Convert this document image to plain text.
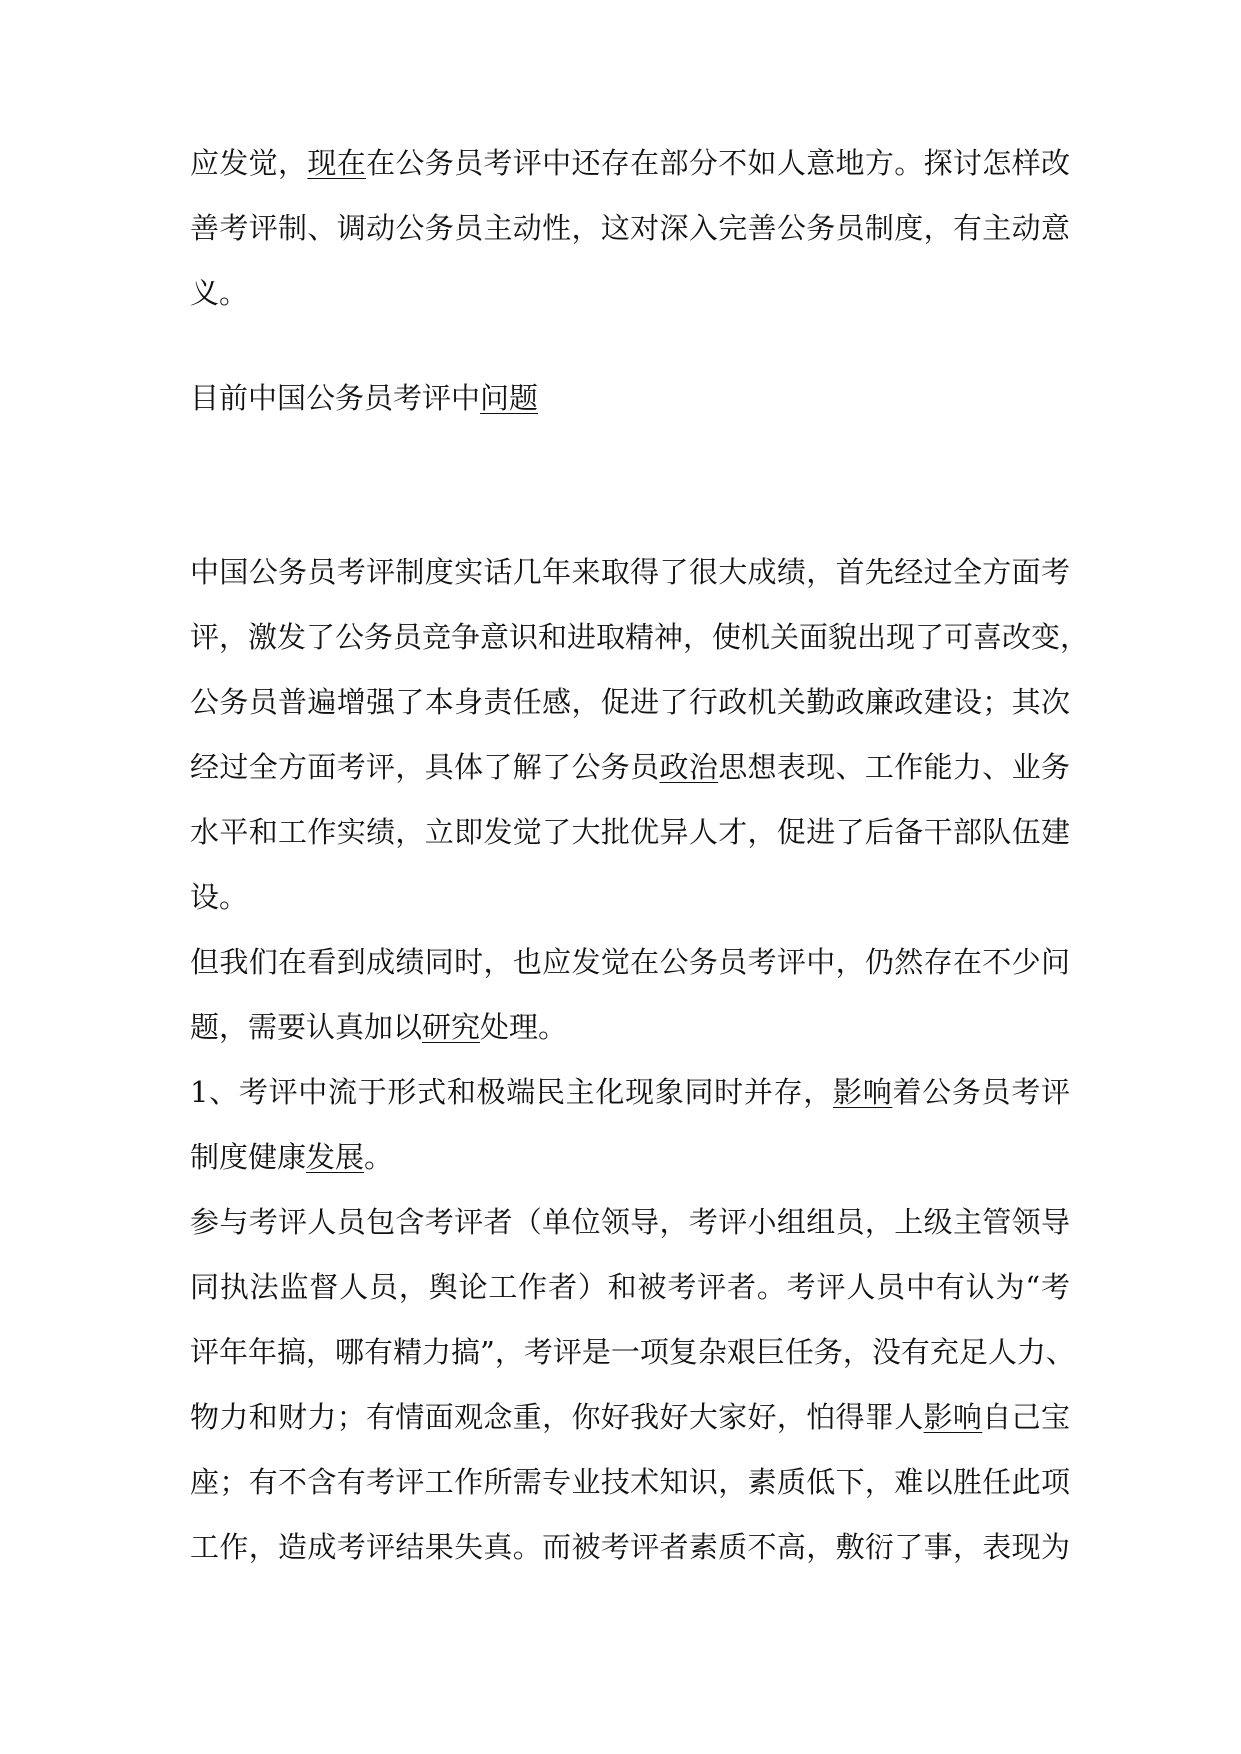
应发觉，现在在公务员考评中还存在部分不如人意地方。探讨怎样改
善考评制、调动公务员主动性，这对深入完善公务员制度，有主动意
义。
目前中国公务员考评中问题
中国公务员考评制度实话几年来取得了很大成绩，首先经过全方面考
评，激发了公务员竞争意识和进取精神，使机关面貌出现了可喜改变，
公务员普遍增强了本身责任感，促进了行政机关勤政廉政建设；其次
经过全方面考评，具体了解了公务员政治思想表现、工作能力、业务
水平和工作实绩，立即发觉了大批优异人才，促进了后备干部队伍建
设。
但我们在看到成绩同时，也应发觉在公务员考评中，仍然存在不少问
题，需要认真加以研究处理。
1、考评中流于形式和极端民主化现象同时并存，影响着公务员考评
制度健康发展。
参与考评人员包含考评者（单位领导，考评小组组员，上级主管领导
同执法监督人员，舆论工作者）和被考评者。考评人员中有认为“考
评年年搞，哪有精力搞”，考评是一项复杂艰巨任务，没有充足人力、
物力和财力；有情面观念重，你好我好大家好，怕得罪人影响自己宝
座；有不含有考评工作所需专业技术知识，素质低下，难以胜任此项
工作，造成考评结果失真。而被考评者素质不高，敷衍了事，表现为
